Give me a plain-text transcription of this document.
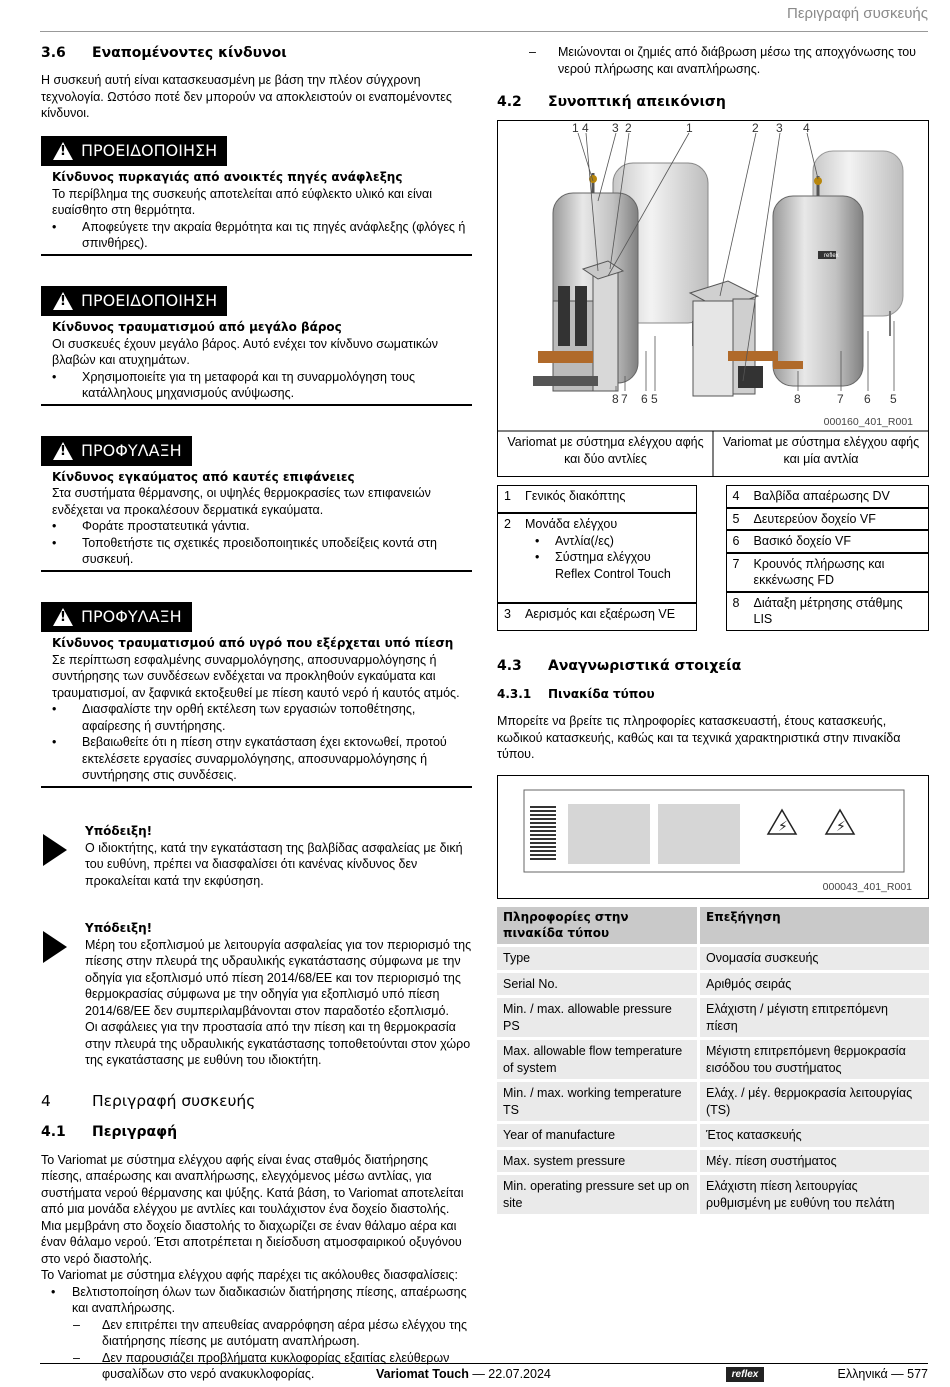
Περιγραφή συσκευής
3.6 Εναπομένοντες κίνδυνοι

Η συσκευή αυτή είναι κατασκευασμένη με βάση την πλέον σύγχρονη τεχνολογία. Ωστόσο ποτέ δεν μπορούν να αποκλειστούν οι εναπομένοντες κίνδυνοι.

! ΠΡΟΕΙΔΟΠΟΙΗΣΗ
Κίνδυνος πυρκαγιάς από ανοικτές πηγές ανάφλεξης

Το περίβλημα της συσκευής αποτελείται από εύφλεκτο υλικό και είναι ευαίσθητο στη θερμότητα.

• Αποφεύγετε την ακραία θερμότητα και τις πηγές ανάφλεξης (φλόγες ή σπινθήρες).
! ΠΡΟΕΙΔΟΠΟΙΗΣΗ
Κίνδυνος τραυματισμού από μεγάλο βάρος

Οι συσκευές έχουν μεγάλο βάρος. Αυτό ενέχει τον κίνδυνο σωματικών βλαβών και ατυχημάτων.

• Χρησιμοποιείτε για τη μεταφορά και τη συναρμολόγηση τους κατάλληλους μηχανισμούς ανύψωσης.
! ΠΡΟΦΥΛΑΞΗ
Κίνδυνος εγκαύματος από καυτές επιφάνειες

Στα συστήματα θέρμανσης, οι υψηλές θερμοκρασίες των επιφανειών ενδέχεται να προκαλέσουν δερματικά εγκαύματα.

• Φοράτε προστατευτικά γάντια.
• Τοποθετήστε τις σχετικές προειδοποιητικές υποδείξεις κοντά στη συσκευή.
! ΠΡΟΦΥΛΑΞΗ
Κίνδυνος τραυματισμού από υγρό που εξέρχεται υπό πίεση

Σε περίπτωση εσφαλμένης συναρμολόγησης, αποσυναρμολόγησης ή συντήρησης των συνδέσεων ενδέχεται να προκληθούν εγκαύματα και τραυματισμοί, αν ξαφνικά εκτοξευθεί με πίεση καυτό νερό ή καυτός ατμός.

• Διασφαλίστε την ορθή εκτέλεση των εργασιών τοποθέτησης, αφαίρεσης ή συντήρησης.
• Βεβαιωθείτε ότι η πίεση στην εγκατάσταση έχει εκτονωθεί, προτού εκτελέσετε εργασίες συναρμολόγησης, αποσυναρμολόγησης ή συντήρησης στις συνδέσεις.
Υπόδειξη!

Ο ιδιοκτήτης, κατά την εγκατάσταση της βαλβίδας ασφαλείας με δική του ευθύνη, πρέπει να διασφαλίσει ότι κανένας κίνδυνος δεν προκαλείται κατά την εκφύσηση.

Υπόδειξη!

Μέρη του εξοπλισμού με λειτουργία ασφαλείας για τον περιορισμό της πίεσης στην πλευρά της υδραυλικής εγκατάστασης σύμφωνα με την οδηγία για εξοπλισμό υπό πίεση 2014/68/ΕΕ και τον περιορισμό της θερμοκρασίας σύμφωνα με την οδηγία για εξοπλισμό υπό πίεση 2014/68/ΕΕ δεν συμπεριλαμβάνονται στον παραδοτέο εξοπλισμό.

Οι ασφάλειες για την προστασία από την πίεση και τη θερμοκρασία στην πλευρά της υδραυλικής εγκατάστασης τοποθετούνται στον χώρο της εγκατάστασης με ευθύνη του ιδιοκτήτη.

4	Περιγραφή συσκευής
4.1 Περιγραφή

Το Variomat με σύστημα ελέγχου αφής είναι ένας σταθμός διατήρησης πίεσης, απαέρωσης και αναπλήρωσης, ελεγχόμενος μέσω αντλίας, για συστήματα νερού θέρμανσης και ψύξης. Κατά βάση, το Variomat αποτελείται από μια μονάδα ελέγχου με αντλίες και τουλάχιστον ένα δοχείο διαστολής. Μια μεμβράνη στο δοχείο διαστολής το διαχωρίζει σε έναν θάλαμο αέρα και έναν θάλαμο νερού. Έτσι αποτρέπεται η διείσδυση ατμοσφαιρικού οξυγόνου στο νερό διαστολής.

Το Variomat με σύστημα ελέγχου αφής παρέχει τις ακόλουθες διασφαλίσεις:

• Βελτιστοποίηση όλων των διαδικασιών διατήρησης πίεσης, απαέρωσης και αναπλήρωσης.
– Δεν επιτρέπει την απευθείας αναρρόφηση αέρα μέσω ελέγχου της διατήρησης πίεσης με αυτόματη αναπλήρωση.
– Δεν παρουσιάζει προβλήματα κυκλοφορίας εξαιτίας ελεύθερων φυσαλίδων στο νερό ανακυκλοφορίας.
– Μειώνονται οι ζημιές από διάβρωση μέσω της αποχγόνωσης του νερού πλήρωσης και αναπλήρωσης.
4.2 Συνοπτική απεικόνιση
1 4 3 2	1	2 3 4
8 7 6 5	8	7 6 5
reflex
000160_401_R001
Variomat με σύστημα ελέγχου αφής και δύο αντλίες
Variomat με σύστημα ελέγχου αφής και μία αντλία
1	Γενικός διακόπτης
2	Μονάδα ελέγχου
• Αντλία(/ες)
• Σύστημα ελέγχου Reflex Control Touch

3	Αερισμός και εξαέρωση VE
4	Βαλβίδα απαέρωσης DV
5	Δευτερεύον δοχείο VF
6	Βασικό δοχείο VF
7	Κρουνός πλήρωσης και εκκένωσης FD
8	Διάταξη μέτρησης στάθμης LIS
4.3 Αναγνωριστικά στοιχεία
4.3.1 Πινακίδα τύπου

Μπορείτε να βρείτε τις πληροφορίες κατασκευαστή, έτους κατασκευής, κωδικού κατασκευής, καθώς και τα τεχνικά χαρακτηριστικά στην πινακίδα τύπου.

⚡	⚡
000043_401_R001
Πληροφορίες στην πινακίδα τύπου	Επεξήγηση
Type	Ονομασία συσκευής
Serial No.	Αριθμός σειράς
Min. / max. allowable pressure PS	Ελάχιστη / μέγιστη επιτρεπόμενη πίεση
Max. allowable flow temperature of system	Μέγιστη επιτρεπόμενη θερμοκρασία εισόδου του συστήματος
Min. / max. working temperature TS	Ελάχ. / μέγ. θερμοκρασία λειτουργίας (TS)
Year of manufacture	Έτος κατασκευής
Max. system pressure	Μέγ. πίεση συστήματος
Min. operating pressure set up on site	Ελάχιστη πίεση λειτουργίας ρυθμισμένη με ευθύνη του πελάτη
Variomat Touch — 22.07.2024	reflex	Ελληνικά — 577
